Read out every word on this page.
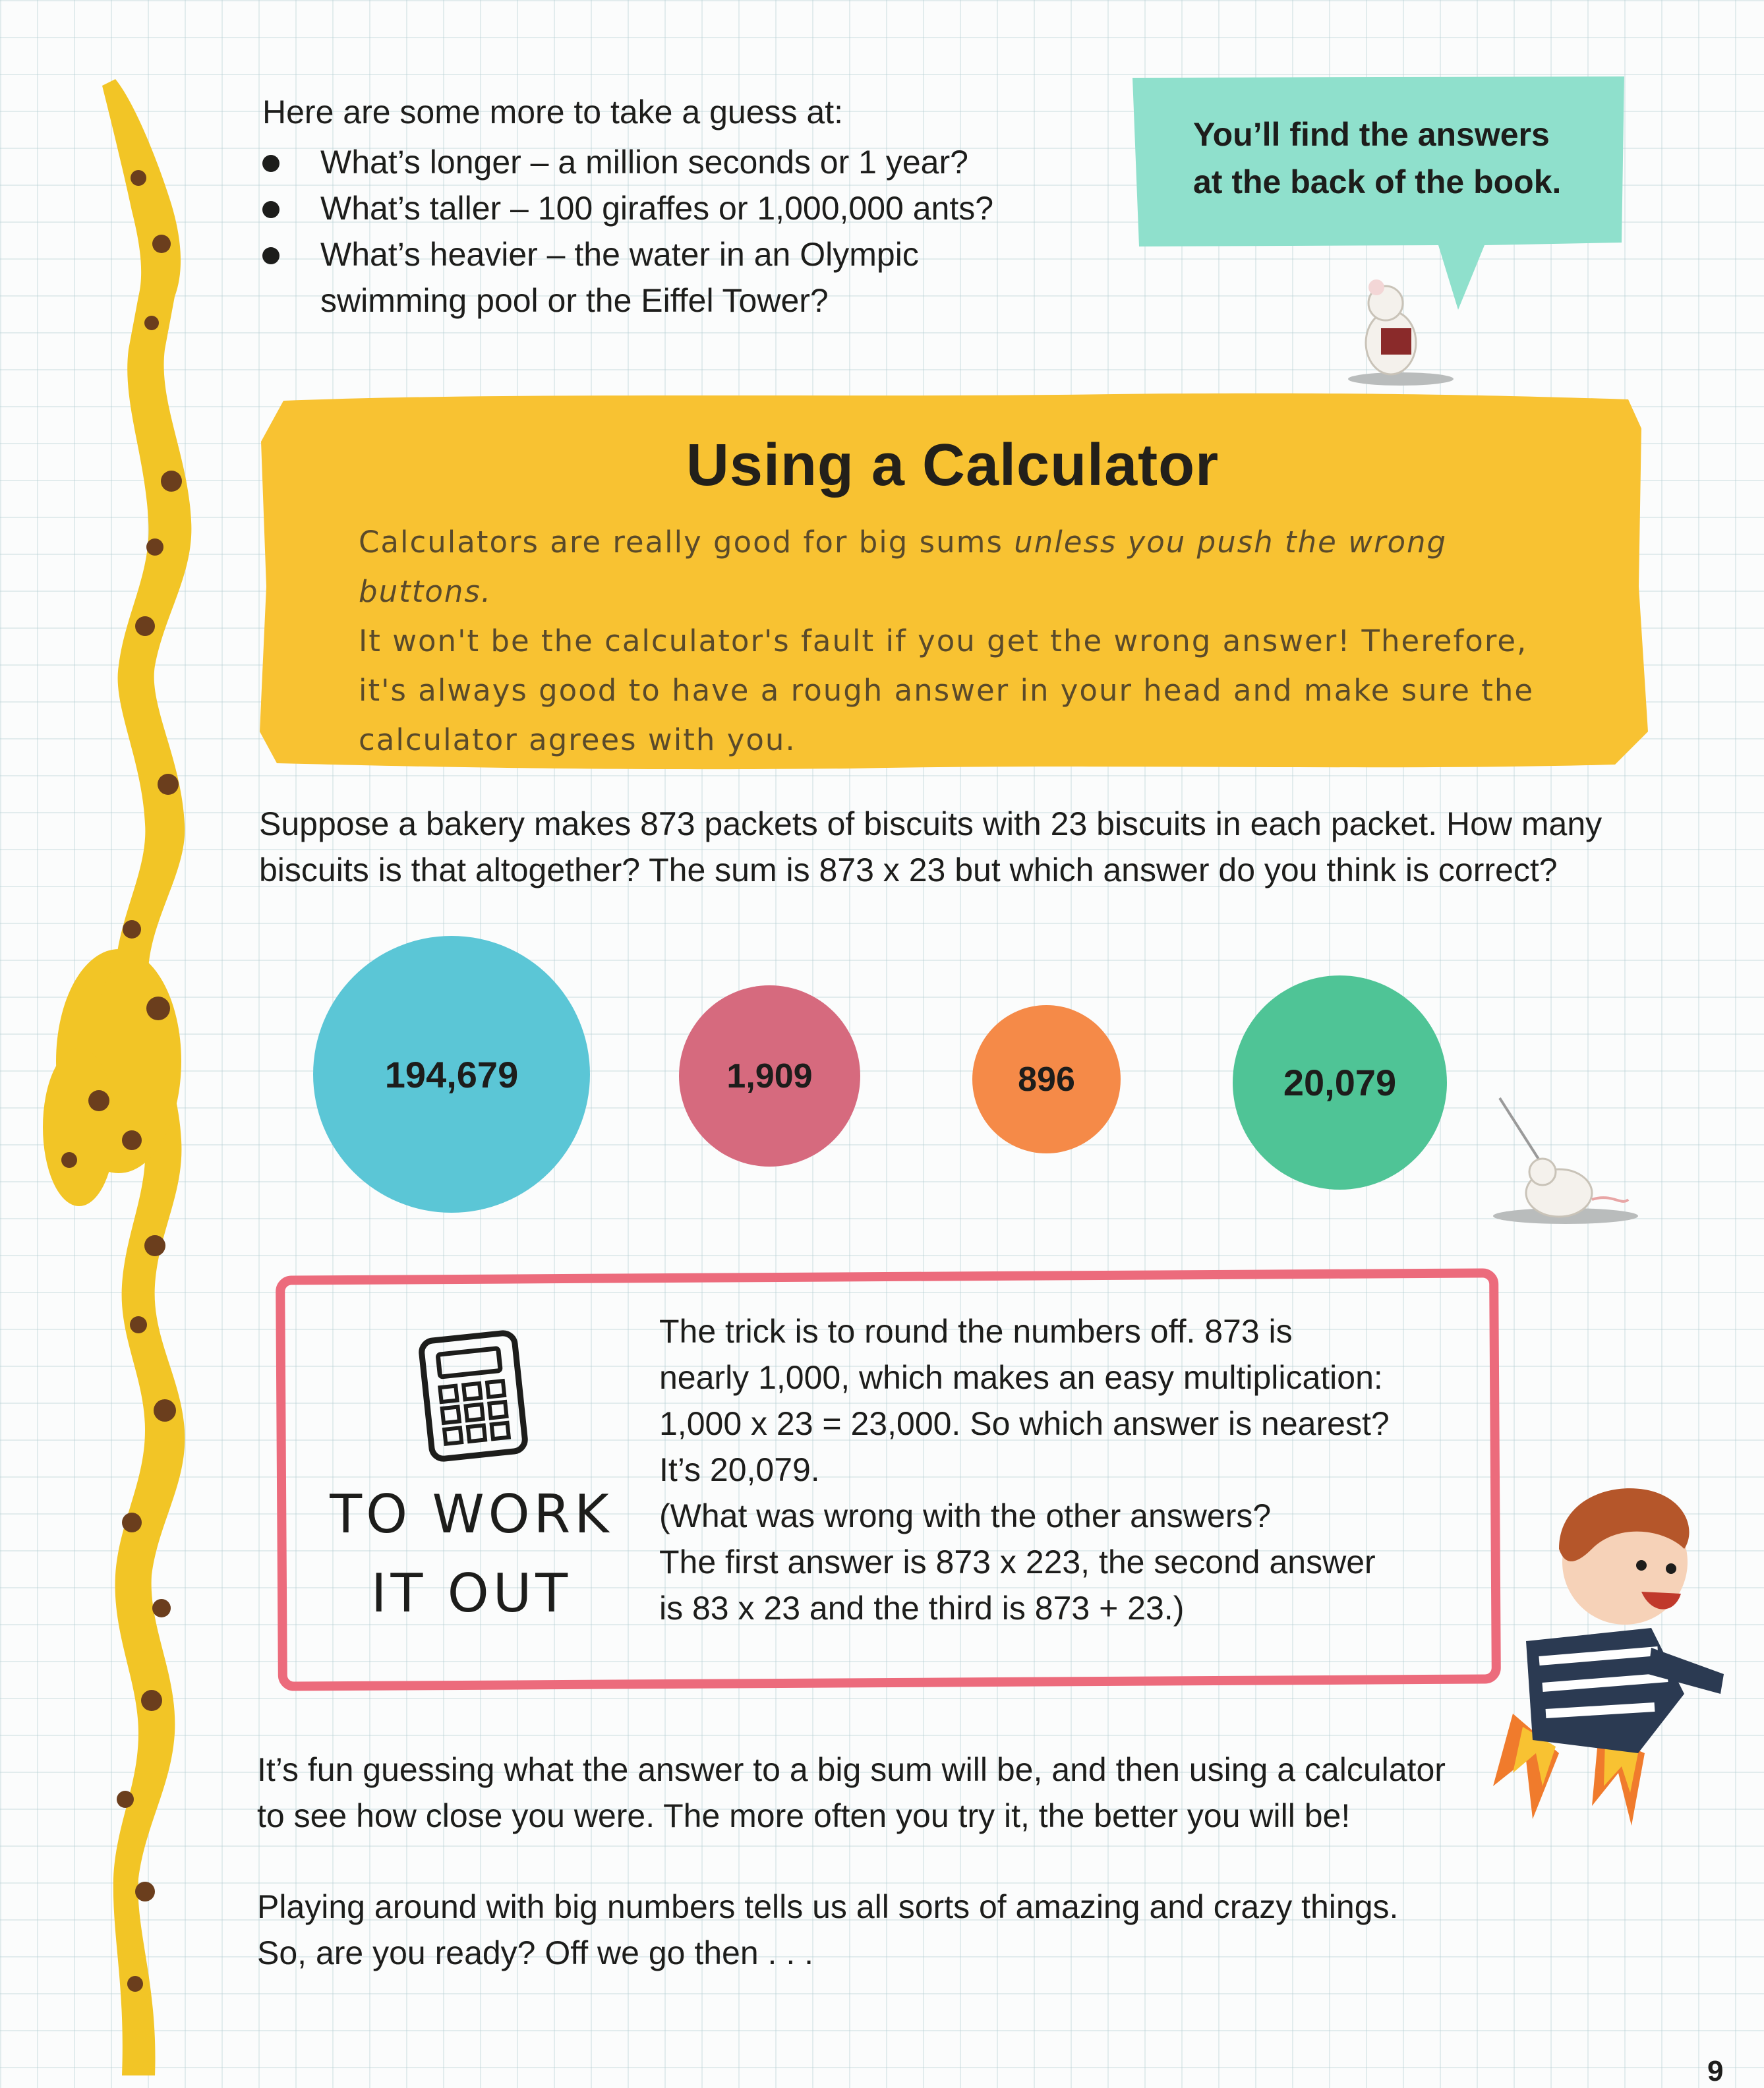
Here are some more to take a guess at:

What’s longer – a million seconds or 1 year?
What’s taller – 100 giraffes or 1,000,000 ants?
What’s heavier – the water in an Olympic
swimming pool or the Eiffel Tower?
You’ll find the answers
at the back of the book.
Using a Calculator
Calculators are really good for big sums unless you push the wrong buttons.
It won't be the calculator's fault if you get the wrong answer! Therefore,
it's always good to have a rough answer in your head and make sure the
calculator agrees with you.
Suppose a bakery makes 873 packets of biscuits with 23 biscuits in each packet. How many
biscuits is that altogether? The sum is 873 x 23 but which answer do you think is correct?
194,679	1,909	896	20,079
TO WORK
IT OUT
The trick is to round the numbers off. 873 is
nearly 1,000, which makes an easy multiplication:
1,000 x 23 = 23,000. So which answer is nearest?
It’s 20,079.
(What was wrong with the other answers?
The first answer is 873 x 223, the second answer
is 83 x 23 and the third is 873 + 23.)
It’s fun guessing what the answer to a big sum will be, and then using a calculator
to see how close you were. The more often you try it, the better you will be!
Playing around with big numbers tells us all sorts of amazing and crazy things.
So, are you ready? Off we go then . . .
9
